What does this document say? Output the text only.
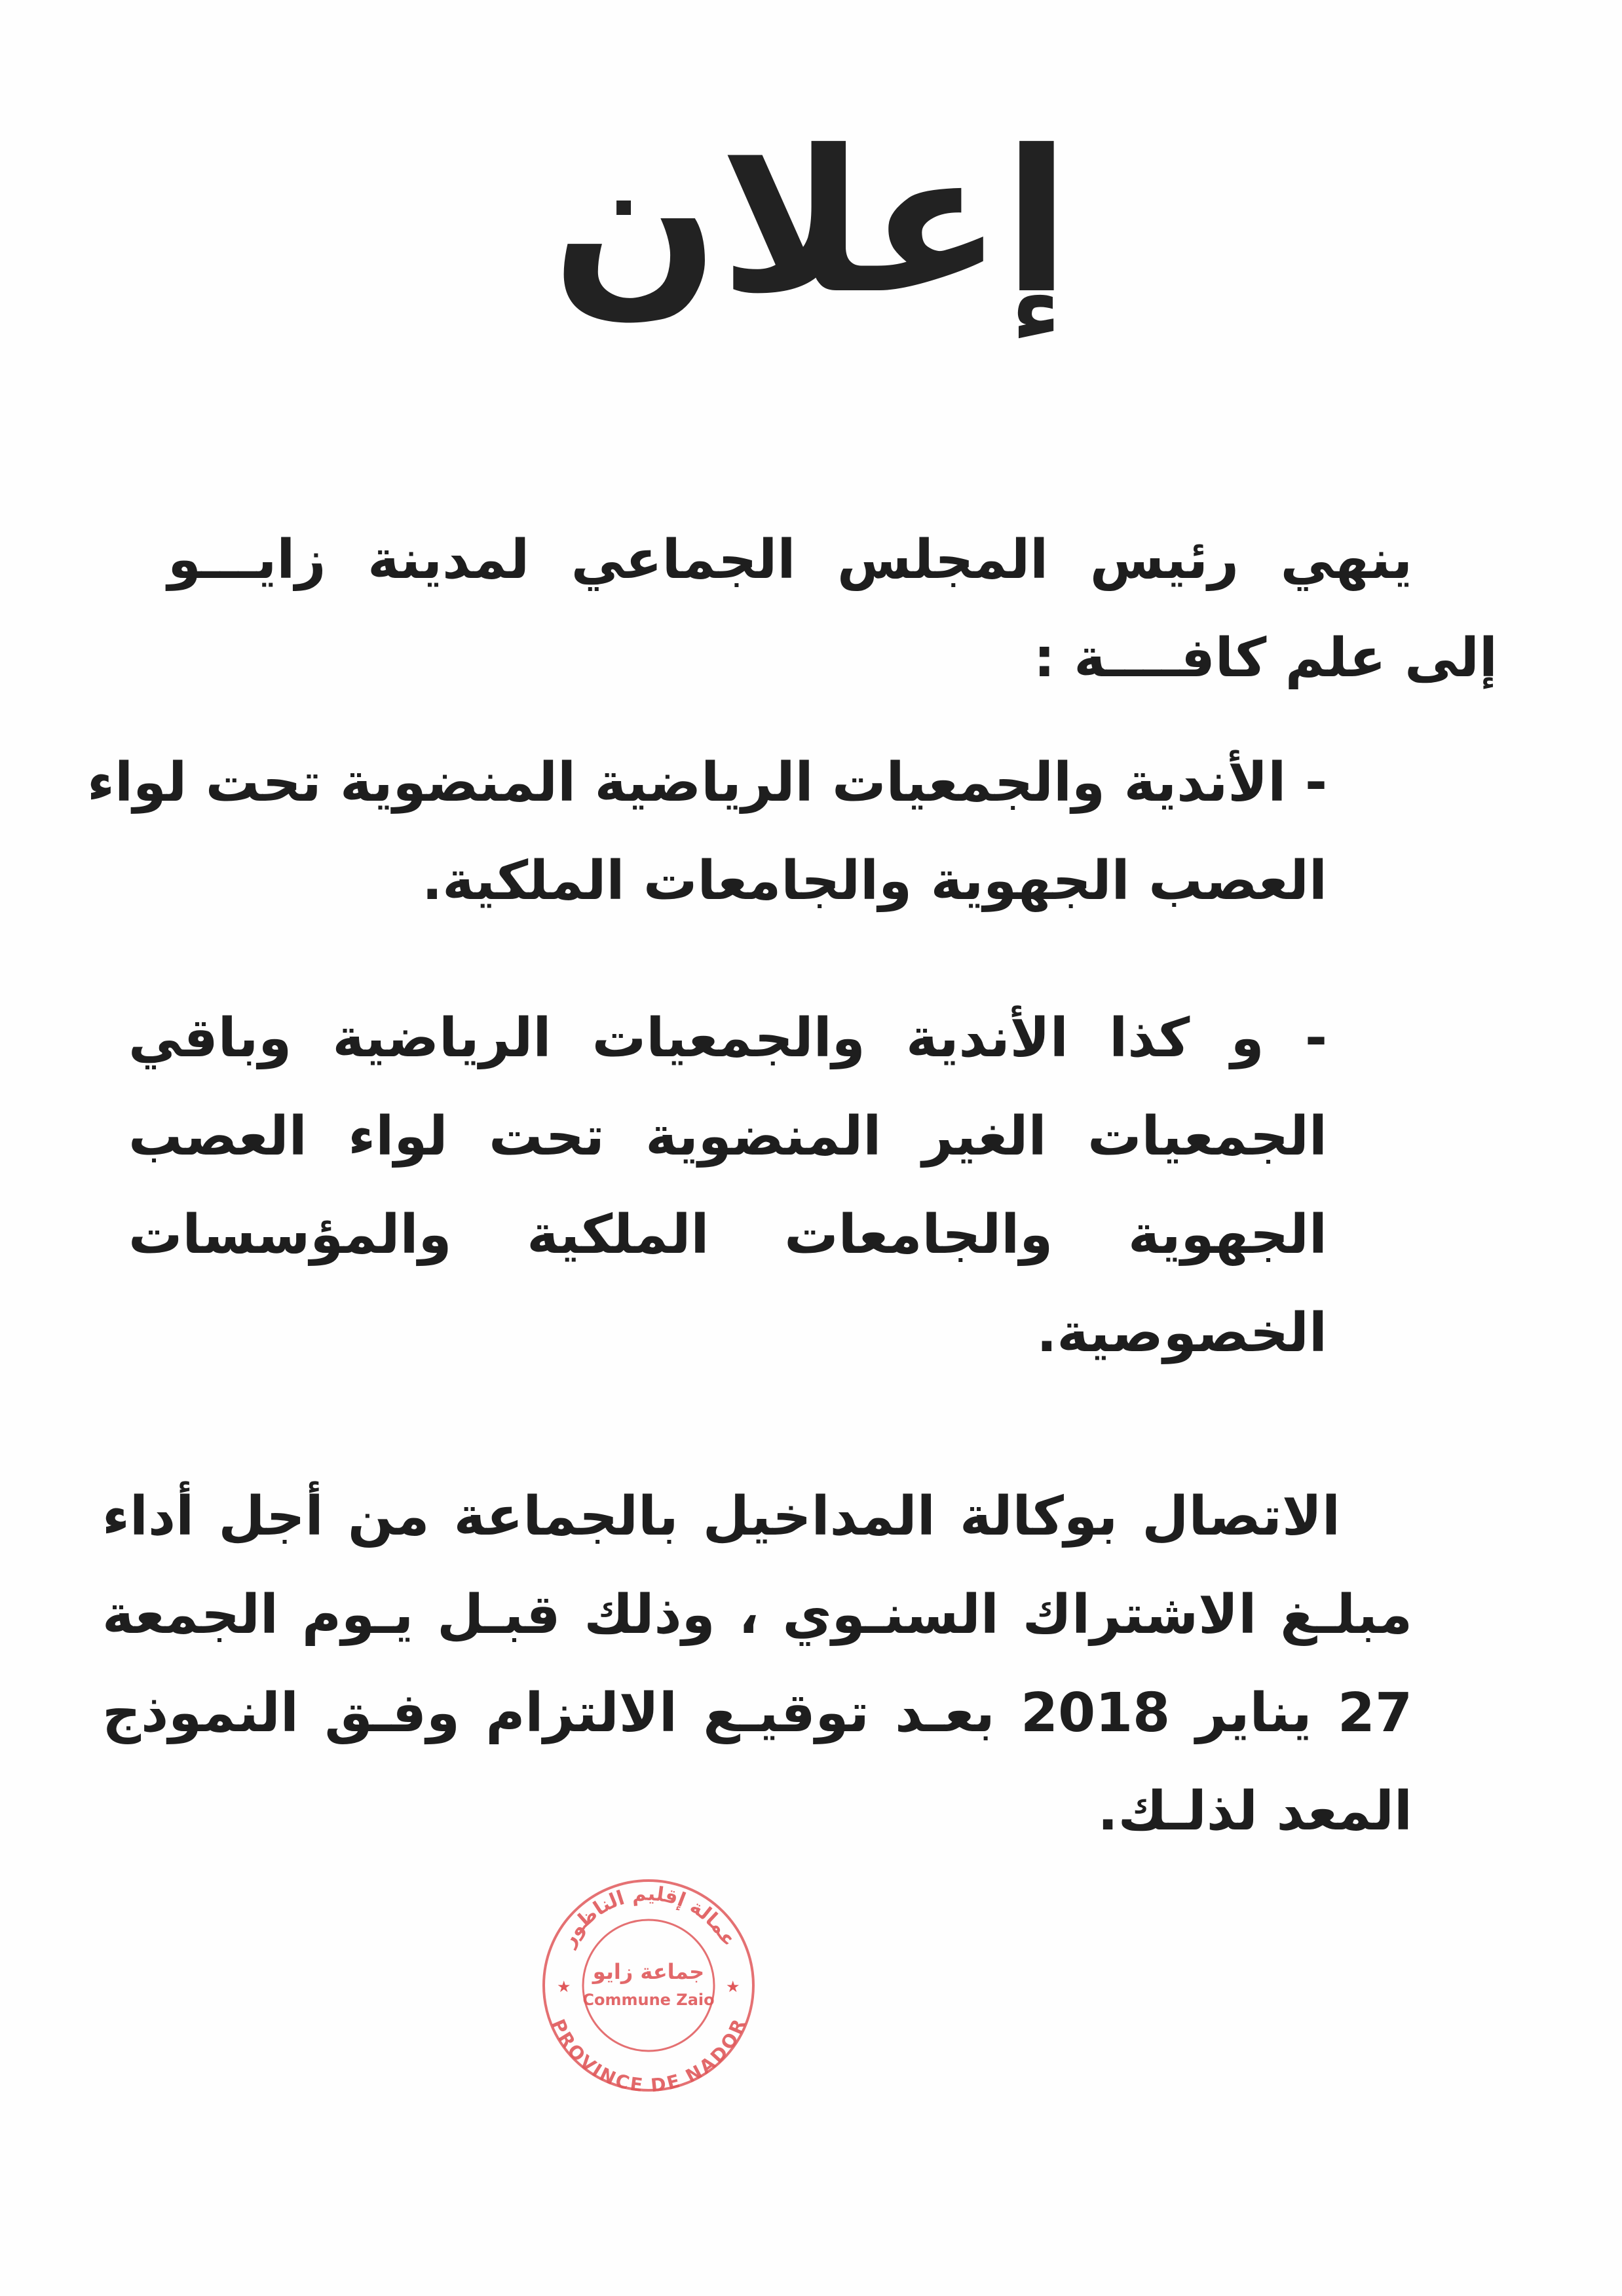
إعلان
ينهي رئيس المجلس الجماعي لمدينة زايـــو
إلى علم كافــــة :
- الأندية والجمعيات الرياضية المنضوية تحت لواء
العصب الجهوية والجامعات الملكية.
- و كذا الأندية والجمعيات الرياضية وباقي
الجمعيات الغير المنضوية تحت لواء العصب
الجهوية والجامعات الملكية والمؤسسات
الخصوصية.
الاتصال بوكالة المداخيل بالجماعة من أجل أداء
مبلـغ الاشتراك السنـوي ، وذلك قبـل يـوم الجمعة
27 يناير 2018 بعـد توقيـع الالتزام وفـق النموذج
المعد لذلـك.
★	★
عمالة إقليم الناظور
PROVINCE DE NADOR
جماعة زايو
Commune Zaio
